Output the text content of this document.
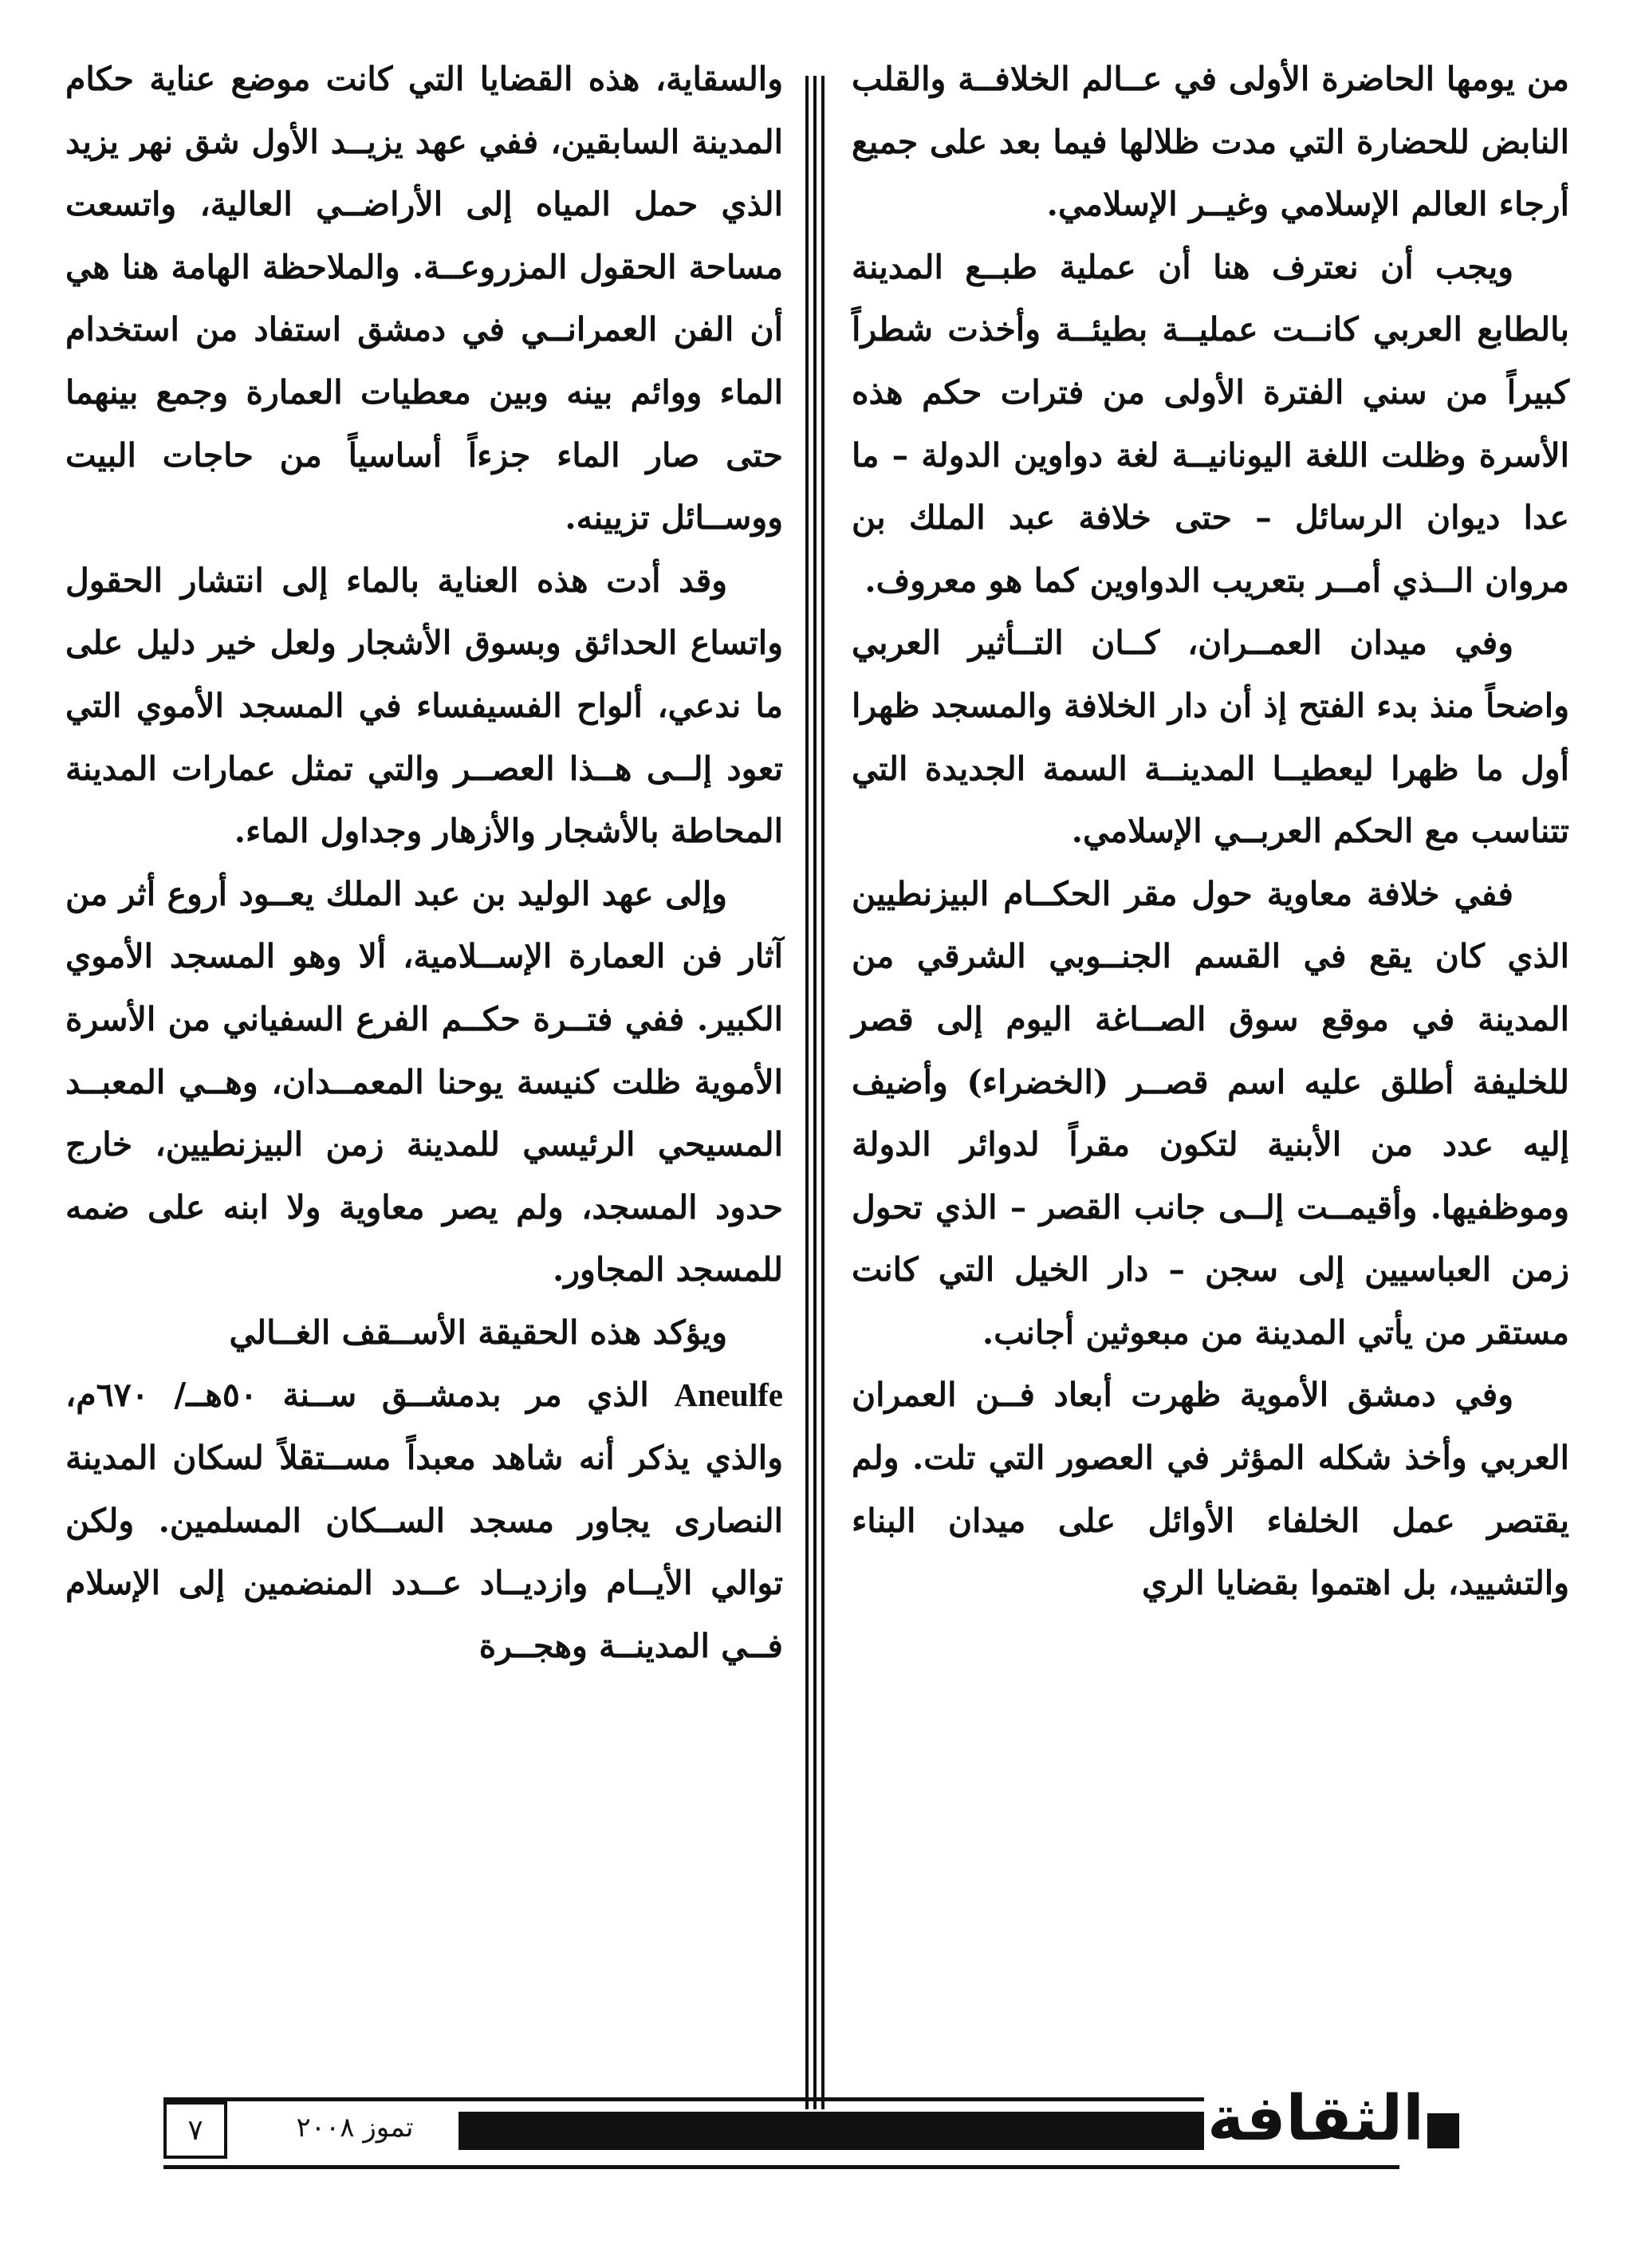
من يومها الحاضرة الأولى في عــالم الخلافــة والقلب النابض للحضارة التي مدت ظلالها فيما بعد على جميع أرجاء العالم الإسلامي وغيــر الإسلامي.

ويجب أن نعترف هنا أن عملية طبــع المدينة بالطابع العربي كانــت عمليــة بطيئــة وأخذت شطراً كبيراً من سني الفترة الأولى من فترات حكم هذه الأسرة وظلت اللغة اليونانيــة لغة دواوين الدولة – ما عدا ديوان الرسائل – حتى خلافة عبد الملك بن مروان الــذي أمــر بتعريب الدواوين كما هو معروف.

وفي ميدان العمــران، كــان التــأثير العربي واضحاً منذ بدء الفتح إذ أن دار الخلافة والمسجد ظهرا أول ما ظهرا ليعطيــا المدينــة السمة الجديدة التي تتناسب مع الحكم العربــي الإسلامي.

ففي خلافة معاوية حول مقر الحكــام البيزنطيين الذي كان يقع في القسم الجنــوبي الشرقي من المدينة في موقع سوق الصــاغة اليوم إلى قصر للخليفة أطلق عليه اسم قصــر (الخضراء) وأضيف إليه عدد من الأبنية لتكون مقراً لدوائر الدولة وموظفيها. وأقيمــت إلــى جانب القصر – الذي تحول زمن العباسيين إلى سجن – دار الخيل التي كانت مستقر من يأتي المدينة من مبعوثين أجانب.

وفي دمشق الأموية ظهرت أبعاد فــن العمران العربي وأخذ شكله المؤثر في العصور التي تلت. ولم يقتصر عمل الخلفاء الأوائل على ميدان البناء والتشييد، بل اهتموا بقضايا الري

والسقاية، هذه القضايا التي كانت موضع عناية حكام المدينة السابقين، ففي عهد يزيــد الأول شق نهر يزيد الذي حمل المياه إلى الأراضــي العالية، واتسعت مساحة الحقول المزروعــة. والملاحظة الهامة هنا هي أن الفن العمرانــي في دمشق استفاد من استخدام الماء ووائم بينه وبين معطيات العمارة وجمع بينهما حتى صار الماء جزءاً أساسياً من حاجات البيت ووســائل تزيينه.

وقد أدت هذه العناية بالماء إلى انتشار الحقول واتساع الحدائق وبسوق الأشجار ولعل خير دليل على ما ندعي، ألواح الفسيفساء في المسجد الأموي التي تعود إلــى هــذا العصــر والتي تمثل عمارات المدينة المحاطة بالأشجار والأزهار وجداول الماء.

وإلى عهد الوليد بن عبد الملك يعــود أروع أثر من آثار فن العمارة الإســلامية، ألا وهو المسجد الأموي الكبير. ففي فتــرة حكــم الفرع السفياني من الأسرة الأموية ظلت كنيسة يوحنا المعمــدان، وهــي المعبــد المسيحي الرئيسي للمدينة زمن البيزنطيين، خارج حدود المسجد، ولم يصر معاوية ولا ابنه على ضمه للمسجد المجاور.

ويؤكد هذه الحقيقة الأســقف الغــالي
Aneulfe الذي مر بدمشــق ســنة ٥٠هــ/ ٦٧٠م، والذي يذكر أنه شاهد معبداً مســتقلاً لسكان المدينة النصارى يجاور مسجد الســكان المسلمين. ولكن توالي الأيــام وازديــاد عــدد المنضمين إلى الإسلام فــي المدينــة وهجــرة

الثقافة
تموز ٢٠٠٨
٧
